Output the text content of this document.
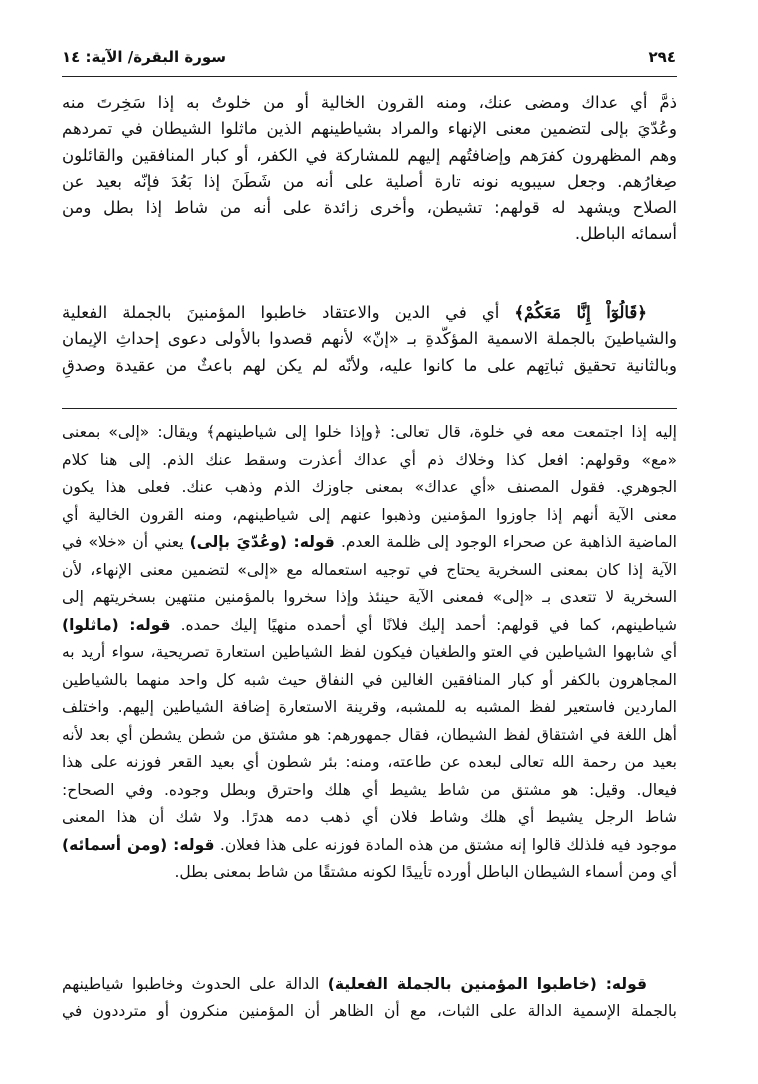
٢٩٤
سورة البقرة/ الآية: ١٤
ذمَّ أي عداك ومضى عنك، ومنه القرون الخالية أو من خلوتُ به إذا سَخِرتَ منه
وعُدّيَ بإلى لتضمين معنى الإنهاء والمراد بشياطينهم الذين ماثلوا الشيطان في تمردهم
وهم المظهرون كفرَهم وإضافتُهم إليهم للمشاركة في الكفر، أو كبار المنافقين والقائلون
صِغارُهم. وجعل سيبويه نونه تارة أصلية على أنه من شَطَنَ إذا بَعُدَ فإنّه بعيد عن
الصلاح ويشهد له قولهم: تشيطن، وأخرى زائدة على أنه من شاط إذا بطل ومن
أسمائه الباطل.
﴿قَالُوٓاْ إِنَّا مَعَكُمْ﴾ أي في الدين والاعتقاد خاطبوا المؤمنينَ بالجملة الفعلية
والشياطينَ بالجملة الاسمية المؤكَّدةِ بـ «إنّ» لأنهم قصدوا بالأولى دعوى إحداثِ الإيمان
وبالثانية تحقيق ثباتِهم على ما كانوا عليه، ولأنّه لم يكن لهم باعثٌ من عقيدة وصدقِ
إليه إذا اجتمعت معه في خلوة، قال تعالى: ﴿وإذا خلوا إلى شياطينهم﴾ ويقال: «إلى» بمعنى
«مع» وقولهم: افعل كذا وخلاك ذم أي عداك أعذرت وسقط عنك الذم. إلى هنا كلام
الجوهري. فقول المصنف «أي عداك» بمعنى جاوزك الذم وذهب عنك. فعلى هذا يكون
معنى الآية أنهم إذا جاوزوا المؤمنين وذهبوا عنهم إلى شياطينهم، ومنه القرون الخالية أي
الماضية الذاهبة عن صحراء الوجود إلى ظلمة العدم. قوله: (وعُدّيَ بإلى) يعني أن «خلا» في
الآية إذا كان بمعنى السخرية يحتاج في توجيه استعماله مع «إلى» لتضمين معنى الإنهاء، لأن
السخرية لا تتعدى بـ «إلى» فمعنى الآية حينئذ وإذا سخروا بالمؤمنين منتهين بسخريتهم إلى
شياطينهم، كما في قولهم: أحمد إليك فلانًا أي أحمده منهيًا إليك حمده. قوله: (ماثلوا)
أي شابهوا الشياطين في العتو والطغيان فيكون لفظ الشياطين استعارة تصريحية، سواء أريد به
المجاهرون بالكفر أو كبار المنافقين الغالين في النفاق حيث شبه كل واحد منهما بالشياطين
الماردين فاستعير لفظ المشبه به للمشبه، وقرينة الاستعارة إضافة الشياطين إليهم. واختلف
أهل اللغة في اشتقاق لفظ الشيطان، فقال جمهورهم: هو مشتق من شطن يشطن أي بعد لأنه
بعيد من رحمة الله تعالى لبعده عن طاعته، ومنه: بئر شطون أي بعيد القعر فوزنه على هذا
فيعال. وقيل: هو مشتق من شاط يشيط أي هلك واحترق وبطل وجوده. وفي الصحاح:
شاط الرجل يشيط أي هلك وشاط فلان أي ذهب دمه هدرًا. ولا شك أن هذا المعنى
موجود فيه فلذلك قالوا إنه مشتق من هذه المادة فوزنه على هذا فعلان. قوله: (ومن أسمائه)
أي ومن أسماء الشيطان الباطل أورده تأييدًا لكونه مشتقًا من شاط بمعنى بطل.
قوله: (خاطبوا المؤمنين بالجملة الفعلية) الدالة على الحدوث وخاطبوا شياطينهم
بالجملة الإسمية الدالة على الثبات، مع أن الظاهر أن المؤمنين منكرون أو مترددون في
